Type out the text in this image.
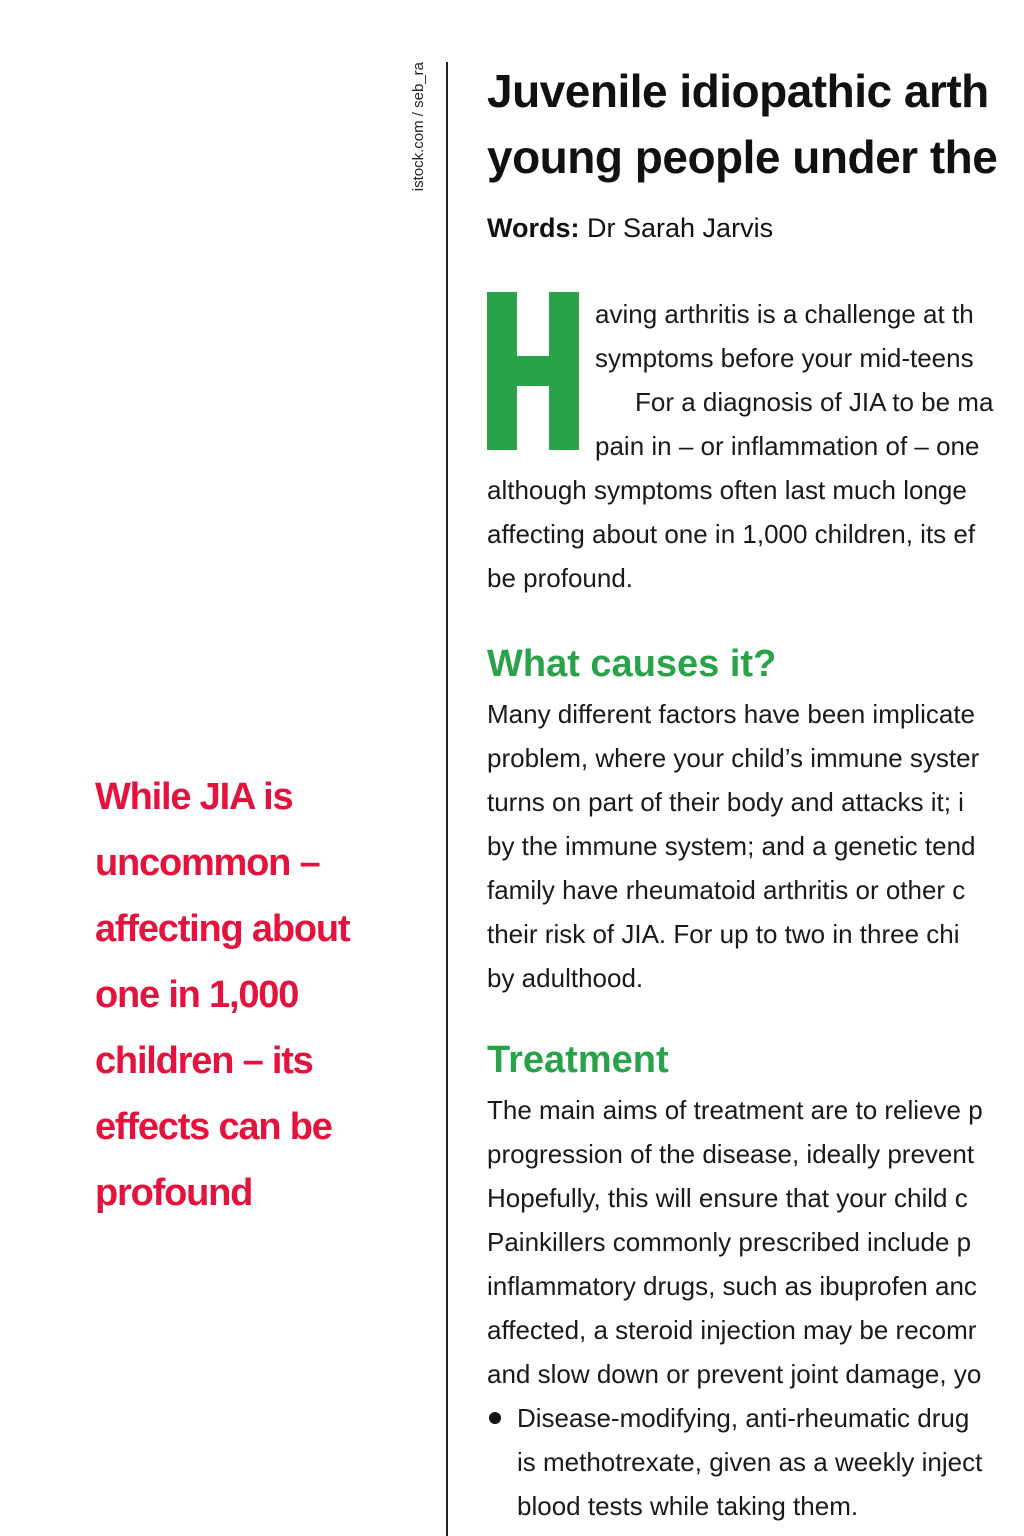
istock.com / seb_ra

While JIA is uncommon – affecting about one in 1,000 children – its effects can be profound

Juvenile idiopathic arth
young people under the

Words: Dr Sarah Jarvis

aving arthritis is a challenge at th

symptoms before your mid-teens

For a diagnosis of JIA to be ma

pain in – or inflammation of – one

although symptoms often last much longe

affecting about one in 1,000 children, its ef

be profound.

What causes it?

Many different factors have been implicate

problem, where your child’s immune syster

turns on part of their body and attacks it; i

by the immune system; and a genetic tend

family have rheumatoid arthritis or other c

their risk of JIA. For up to two in three chi

by adulthood.

Treatment

The main aims of treatment are to relieve p

progression of the disease, ideally prevent

Hopefully, this will ensure that your child c

Painkillers commonly prescribed include p

inflammatory drugs, such as ibuprofen anc

affected, a steroid injection may be recomr

and slow down or prevent joint damage, yo

Disease-modifying, anti-rheumatic drug

is methotrexate, given as a weekly inject

blood tests while taking them.
